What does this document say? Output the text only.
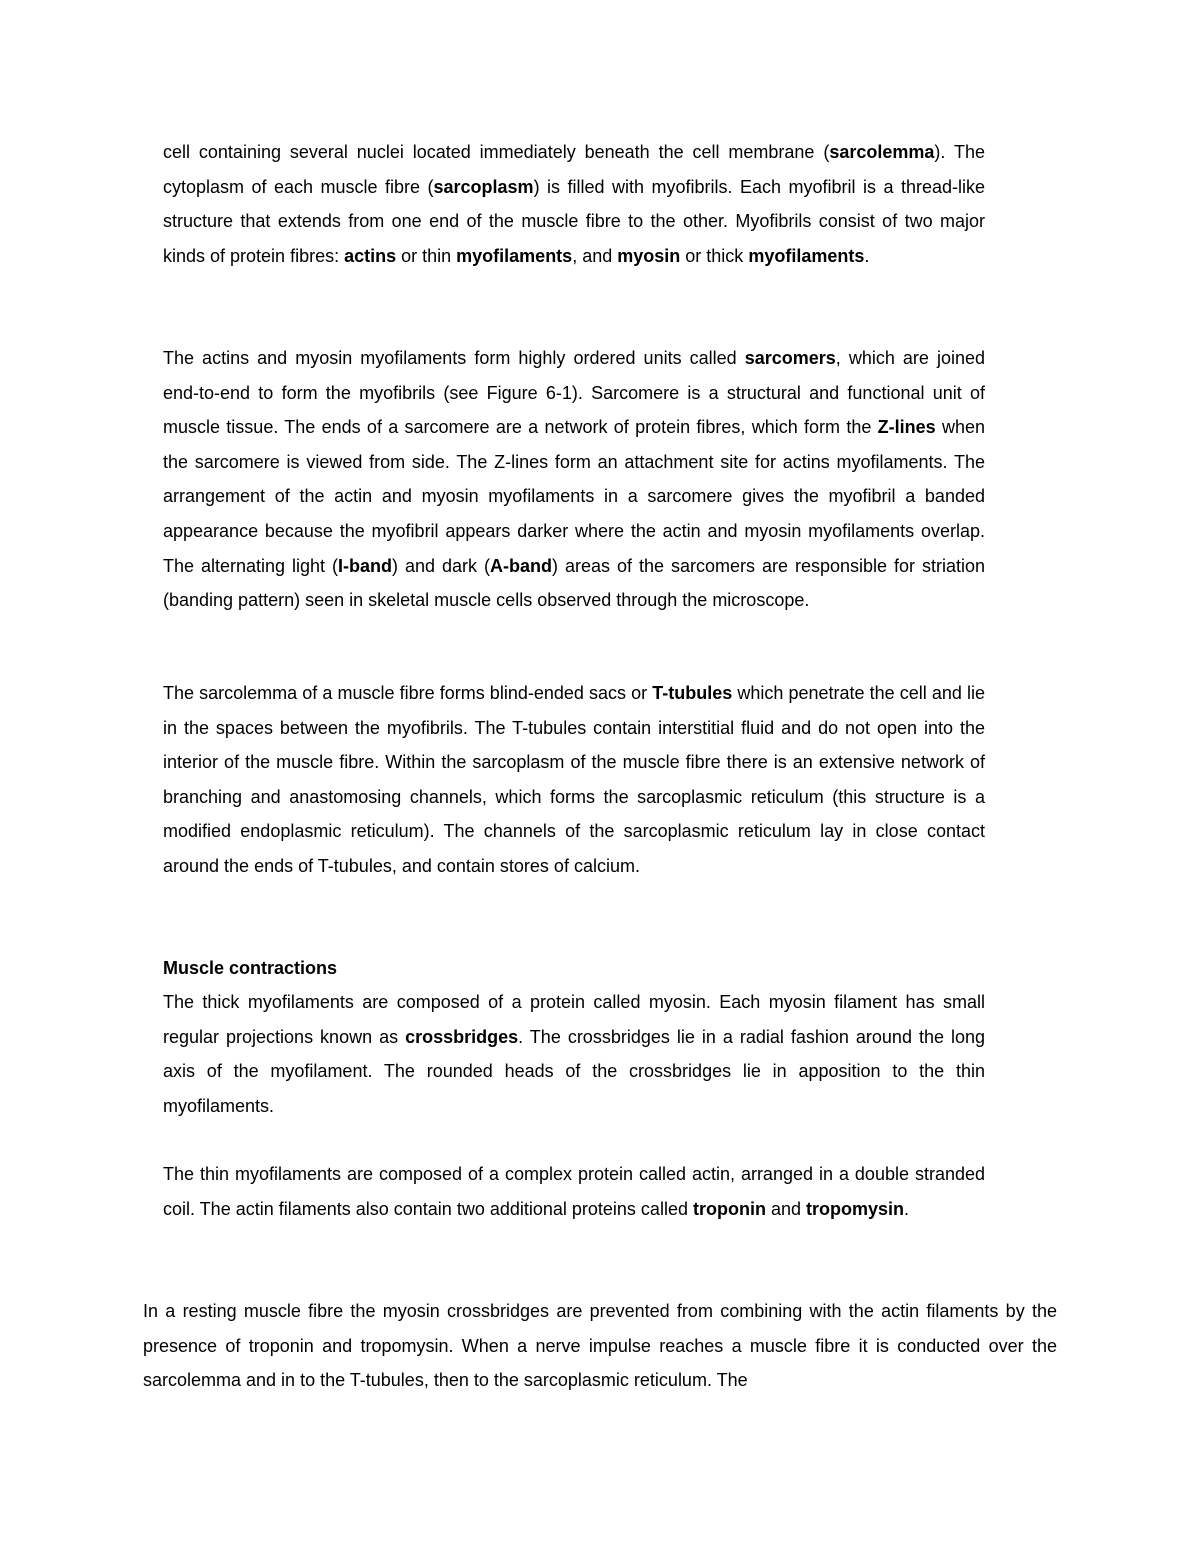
cell containing several nuclei located immediately beneath the cell membrane (sarcolemma). The cytoplasm of each muscle fibre (sarcoplasm) is filled with myofibrils. Each myofibril is a thread-like structure that extends from one end of the muscle fibre to the other. Myofibrils consist of two major kinds of protein fibres: actins or thin myofilaments, and myosin or thick myofilaments.

The actins and myosin myofilaments form highly ordered units called sarcomers, which are joined end-to-end to form the myofibrils (see Figure 6-1). Sarcomere is a structural and functional unit of muscle tissue. The ends of a sarcomere are a network of protein fibres, which form the Z-lines when the sarcomere is viewed from side. The Z-lines form an attachment site for actins myofilaments. The arrangement of the actin and myosin myofilaments in a sarcomere gives the myofibril a banded appearance because the myofibril appears darker where the actin and myosin myofilaments overlap. The alternating light (I-band) and dark (A-band) areas of the sarcomers are responsible for striation (banding pattern) seen in skeletal muscle cells observed through the microscope.

The sarcolemma of a muscle fibre forms blind-ended sacs or T-tubules which penetrate the cell and lie in the spaces between the myofibrils. The T-tubules contain interstitial fluid and do not open into the interior of the muscle fibre. Within the sarcoplasm of the muscle fibre there is an extensive network of branching and anastomosing channels, which forms the sarcoplasmic reticulum (this structure is a modified endoplasmic reticulum). The channels of the sarcoplasmic reticulum lay in close contact around the ends of T-tubules, and contain stores of calcium.

Muscle contractions

The thick myofilaments are composed of a protein called myosin. Each myosin filament has small regular projections known as crossbridges. The crossbridges lie in a radial fashion around the long axis of the myofilament. The rounded heads of the crossbridges lie in apposition to the thin myofilaments.

The thin myofilaments are composed of a complex protein called actin, arranged in a double stranded coil. The actin filaments also contain two additional proteins called troponin and tropomysin.

In a resting muscle fibre the myosin crossbridges are prevented from combining with the actin filaments by the presence of troponin and tropomysin. When a nerve impulse reaches a muscle fibre it is conducted over the sarcolemma and in to the T-tubules, then to the sarcoplasmic reticulum. The
